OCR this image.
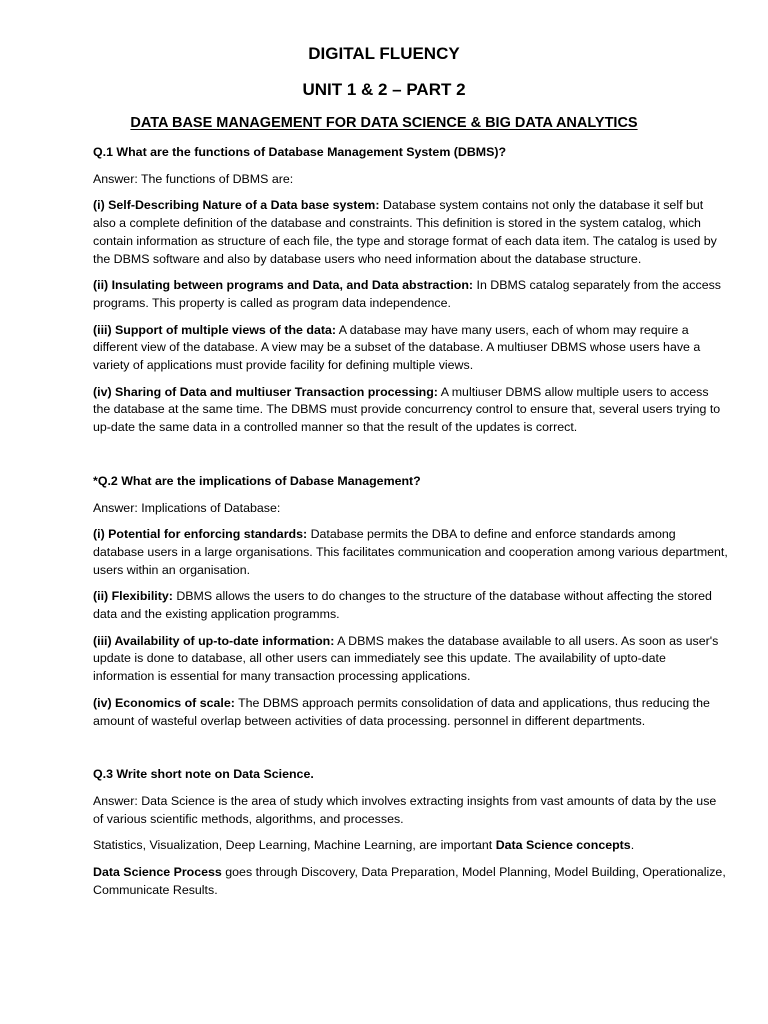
DIGITAL FLUENCY
UNIT 1 & 2 – PART 2
DATA BASE MANAGEMENT FOR DATA SCIENCE & BIG DATA ANALYTICS

Q.1 What are the functions of Database Management System (DBMS)?

Answer: The functions of DBMS are:

(i) Self-Describing Nature of a Data base system: Database system contains not only the database it self but also a complete definition of the database and constraints. This definition is stored in the system catalog, which contain information as structure of each file, the type and storage format of each data item. The catalog is used by the DBMS software and also by database users who need information about the database structure.

(ii) Insulating between programs and Data, and Data abstraction: In DBMS catalog separately from the access programs. This property is called as program data independence.

(iii) Support of multiple views of the data: A database may have many users, each of whom may require a different view of the database. A view may be a subset of the database. A multiuser DBMS whose users have a variety of applications must provide facility for defining multiple views.

(iv) Sharing of Data and multiuser Transaction processing: A multiuser DBMS allow multiple users to access the database at the same time. The DBMS must provide concurrency control to ensure that, several users trying to up-date the same data in a controlled manner so that the result of the updates is correct.

*Q.2 What are the implications of Dabase Management?

Answer: Implications of Database:

(i) Potential for enforcing standards: Database permits the DBA to define and enforce standards among database users in a large organisations. This facilitates communication and cooperation among various department, users within an organisation.

(ii) Flexibility: DBMS allows the users to do changes to the structure of the database without affecting the stored data and the existing application programms.

(iii) Availability of up-to-date information: A DBMS makes the database available to all users. As soon as user's update is done to database, all other users can immediately see this update. The availability of upto-date information is essential for many transaction processing applications.

(iv) Economics of scale: The DBMS approach permits consolidation of data and applications, thus reducing the amount of wasteful overlap between activities of data processing. personnel in different departments.

Q.3 Write short note on Data Science.

Answer: Data Science is the area of study which involves extracting insights from vast amounts of data by the use of various scientific methods, algorithms, and processes.

Statistics, Visualization, Deep Learning, Machine Learning, are important Data Science concepts.

Data Science Process goes through Discovery, Data Preparation, Model Planning, Model Building, Operationalize, Communicate Results.
